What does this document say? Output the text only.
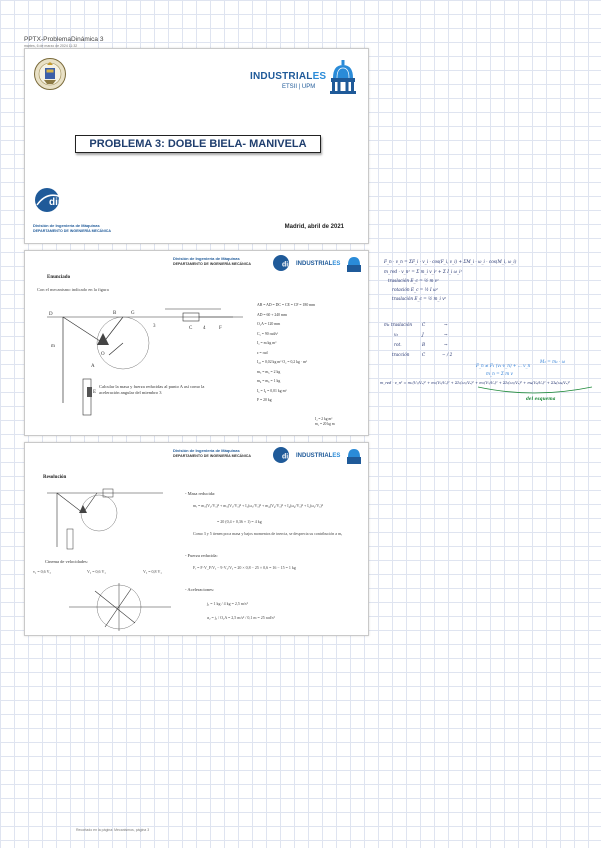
PPTX-ProblemaDinámica 3
martes, 6 de marzo de 2024 11:32
INDUSTRIALES
ETSII | UPM
PROBLEMA 3: DOBLE BIELA- MANIVELA
dim
División de Ingeniería de Máquinas
DEPARTAMENTO DE INGENIERÍA MECÁNICA
Madrid, abril de 2021
División de Ingeniería de Máquinas
DEPARTAMENTO DE INGENIERÍA MECÁNICA	dim INDUSTRIALES
Enunciado
Con el mecanismo indicado en la figura
D
m
B	G
3	C 4	F
O
A
E
AB = AD = DC = CE = CF = 180 mm
AD = 60 + 240 mm
O₂A = 120 mm
C₂ = 90 rad/s²
I₂ = m kg m²
ε = rad
I₂₀ = 0,02 kg m² O₂ = 0,2 kg · m²
m₃ = m₅ = 2 kg
m₄ = m₆ = 1 kg
I₅ = I₆ = 0,01 kg m²
F = 20 kg
I₄ = 2 kg m²
m₄ = 20 kg m
Calcular la masa y fuerza reducidas al punto A así como la aceleración angular del miembro 3
División de Ingeniería de Máquinas
DEPARTAMENTO DE INGENIERÍA MECÁNICA	dim INDUSTRIALES
Resolución
- Masa reducida:
mᵣ = m₂(V₂/Vₐ)² + m₃(V₃/Vₐ)² + I₃(ω₃/Vₐ)² + m₄(V₄/Vₐ)² + I₄(ω₄/Vₐ)² + I₅(ω₅/Vₐ)²
= 20 (0,4 + 0,36 + 1) = 4 kg
Como 3 y 5 tienen poca masa y bajos momentos de inercia, se desprecia su contribución a mᵣ
- Fuerza reducida:
Fᵣ = F·V_F/Vₐ − 9·V₂/Vₐ = 20 × 0,8 − 25 × 0,6 = 16 − 15 = 1 kg
Cinema de velocidades:
v₁ = 0,6 V₂	V₂ = 0,6 V₁	V₃ = 0,8 V₁
- Aceleraciones:
jₐ = 1 kg / 4 kg = 2,5 m/s²
α₂ = jₐ / O₂A = 2,5 m/s² / 0,1 m = 25 rad/s²
F_n · v_n = ΣF_i · v_i · cos(F_i, v_i) + ΣM_i · ω_i · cos(M_i, ω_i)
m_red · v_n² = Σ m_i v_i² + Σ I_i ω_i²
traslación E_c = ½ m v²
rotación E_c = ½ I ω²
traslación E_c = ½ m_i v²
m₁ traslación C	→
v₂	J	→
rot.	B	→
tracción	C	− / 2
F_n ≠ F₁ (v₁·v_n) + ... v_n
m_n = Σ m v
M₁ = m₁ · ω
m_red · v_n² = m₁(V₁/Vₐ)² + m₂(V₂/Vₐ)² + ΣI₁(ω₁/Vₐ)² + m₃(V₃/Vₐ)² + ΣI₃(ω₃/Vₐ)² + m₄(V₄/Vₐ)² + ΣI₄(ω₄/Vₐ)²
del esquema
Recortado en la página: Mecanismos, página 3
